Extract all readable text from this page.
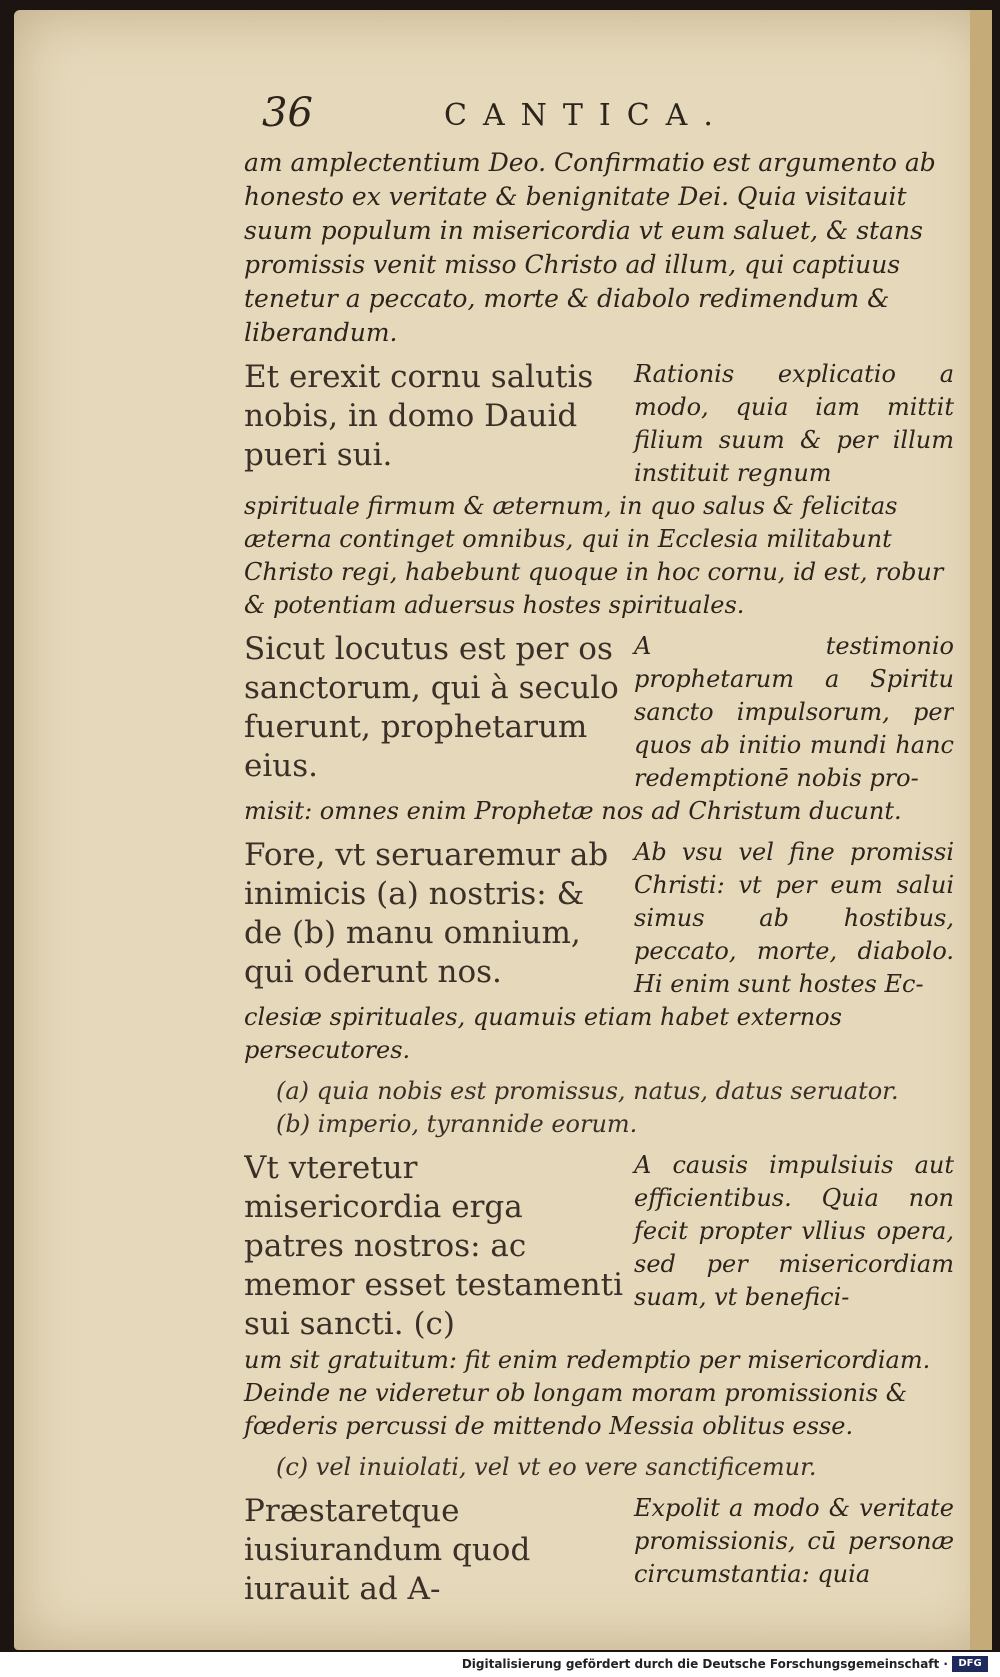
36	CANTICA.

am amplectentium Deo. Confirmatio est argumento ab honesto ex veritate & benignitate Dei. Quia visitauit suum populum in misericordia vt eum saluet, & stans promissis venit misso Christo ad illum, qui captiuus tenetur a peccato, morte & diabolo redimendum & liberandum.

Et erexit cornu salutis nobis, in domo Dauid pueri sui.

Rationis explicatio a modo, quia iam mittit filium suum & per illum instituit regnum

spirituale firmum & æternum, in quo salus & felicitas æterna continget omnibus, qui in Ecclesia militabunt Christo regi, habebunt quoque in hoc cornu, id est, robur & potentiam aduersus hostes spirituales.

Sicut locutus est per os sanctorum, qui à seculo fuerunt, prophetarum eius.

A testimonio prophetarum a Spiritu sancto impulsorum, per quos ab initio mundi hanc redemptionē nobis pro-

misit: omnes enim Prophetæ nos ad Christum ducunt.

Fore, vt seruaremur ab inimicis (a) nostris: & de (b) manu omnium, qui oderunt nos.

Ab vsu vel fine promissi Christi: vt per eum salui simus ab hostibus, peccato, morte, diabolo. Hi enim sunt hostes Ec-

clesiæ spirituales, quamuis etiam habet externos persecutores.

(a) quia nobis est promissus, natus, datus seruator.

(b) imperio, tyrannide eorum.

Vt vteretur misericordia erga patres nostros: ac memor esset testamenti sui sancti. (c)

A causis impulsiuis aut efficientibus. Quia non fecit propter vllius opera, sed per misericordiam suam, vt benefici-

um sit gratuitum: fit enim redemptio per misericordiam. Deinde ne videretur ob longam moram promissionis & fœderis percussi de mittendo Messia oblitus esse.

(c) vel inuiolati, vel vt eo vere sanctificemur.

Præstaretque iusiurandum quod iurauit ad A-

Expolit a modo & veritate promissionis, cū personæ circumstantia: quia

Digitalisierung gefördert durch die Deutsche Forschungsgemeinschaft ·	DFG
